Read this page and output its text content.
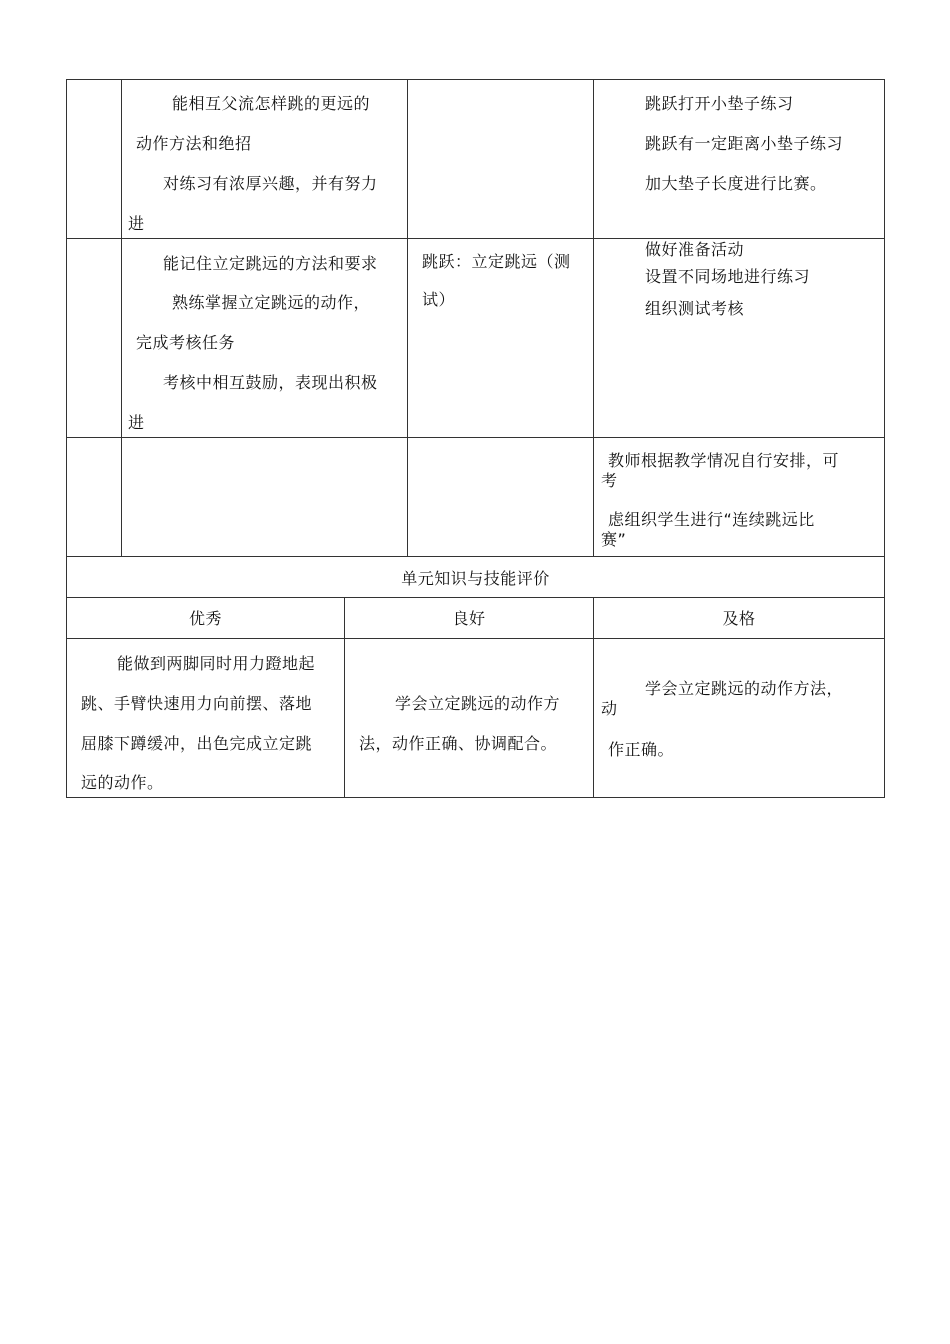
能相互父流怎样跳的更远的
动作方法和绝招
对练习有浓厚兴趣，并有努力
进
跳跃打开小垫子练习
跳跃有一定距离小垫子练习
加大垫子长度进行比赛。
能记住立定跳远的方法和要求
熟练掌握立定跳远的动作，
完成考核任务
考核中相互鼓励，表现出积极
进
跳跃：立定跳远（测
试）
做好准备活动
设置不同场地进行练习
组织测试考核
教师根据教学情况自行安排，可
考
虑组织学生进行“连续跳远比
赛”
单元知识与技能评价
优秀	良好	及格
能做到两脚同时用力蹬地起
跳、手臂快速用力向前摆、落地
屈膝下蹲缓冲，出色完成立定跳
远的动作。
学会立定跳远的动作方
法，动作正确、协调配合。
学会立定跳远的动作方法，
动
作正确。
